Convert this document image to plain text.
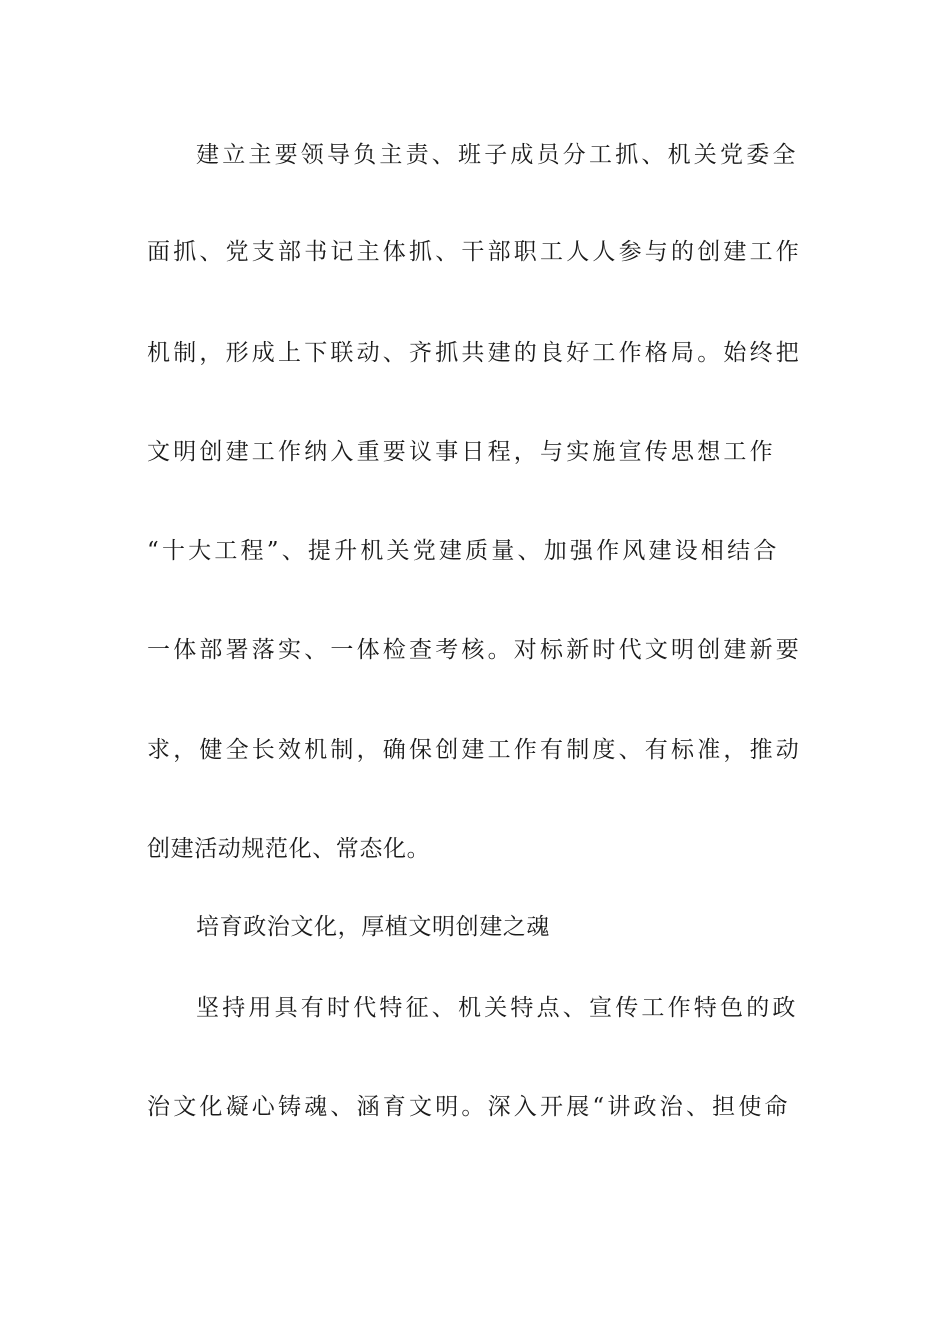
建立主要领导负主责、班子成员分工抓、机关党委全
面抓、党支部书记主体抓、干部职工人人参与的创建工作
机制，形成上下联动、齐抓共建的良好工作格局。始终把
文明创建工作纳入重要议事日程，与实施宣传思想工作
“十大工程”、提升机关党建质量、加强作风建设相结合
一体部署落实、一体检查考核。对标新时代文明创建新要
求，健全长效机制，确保创建工作有制度、有标准，推动
创建活动规范化、常态化。
培育政治文化，厚植文明创建之魂
坚持用具有时代特征、机关特点、宣传工作特色的政
治文化凝心铸魂、涵育文明。深入开展“讲政治、担使命
